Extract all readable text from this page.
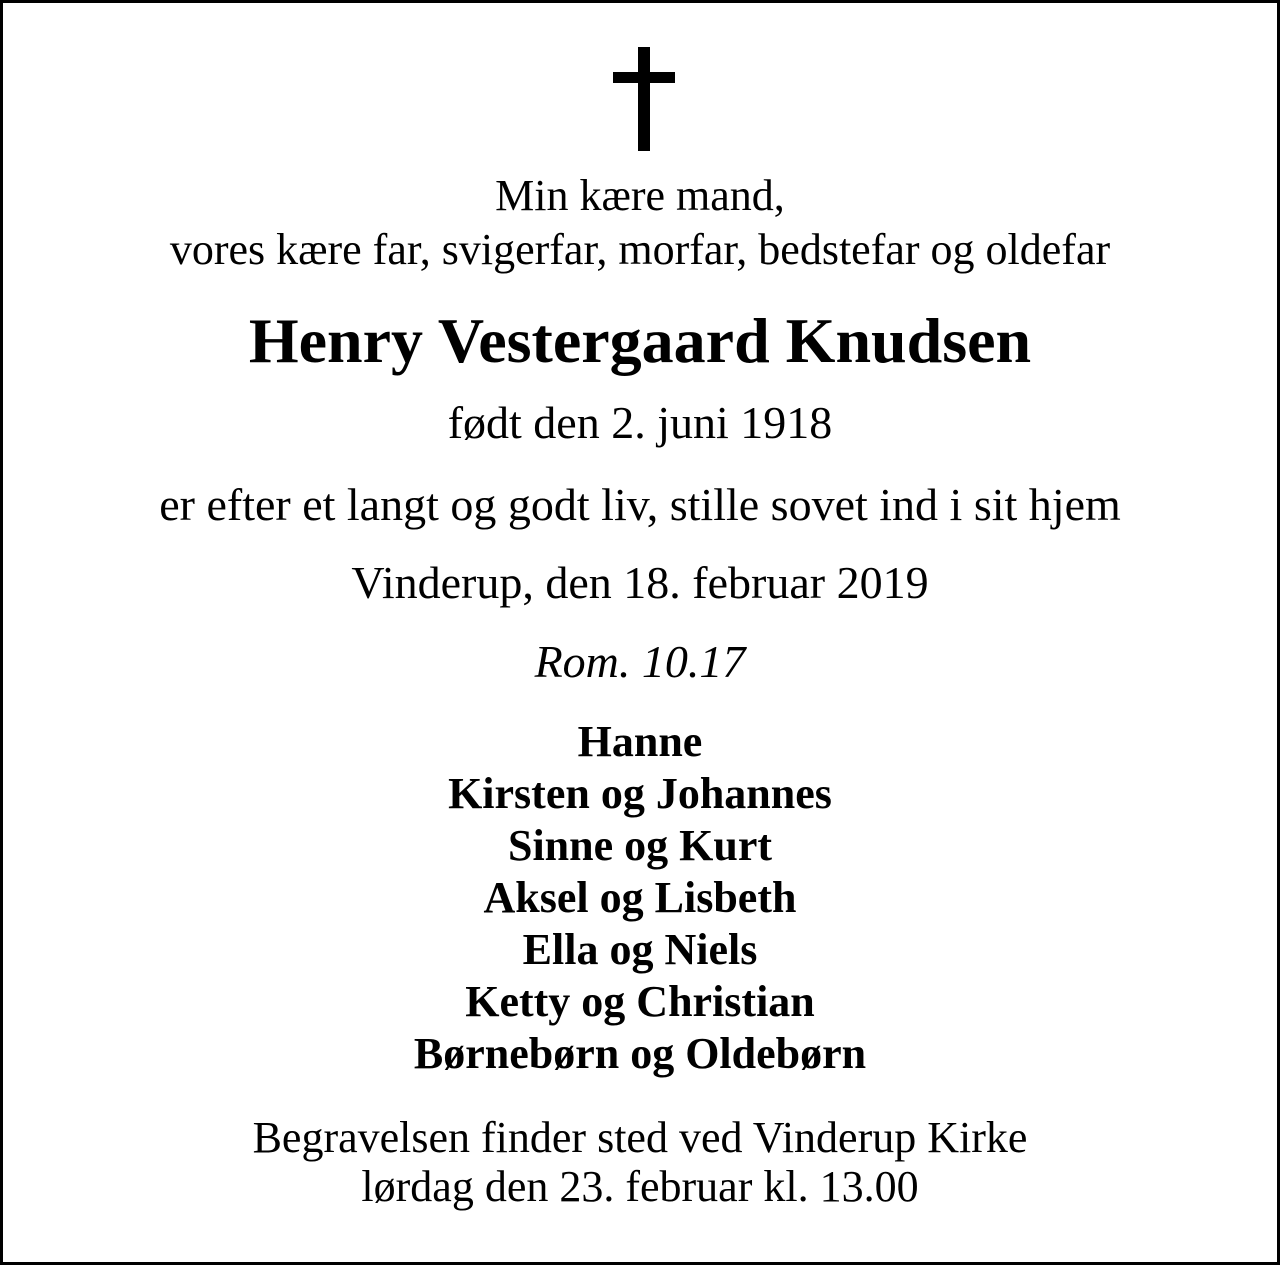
Min kære mand,
vores kære far, svigerfar, morfar, bedstefar og oldefar
Henry Vestergaard Knudsen
født den 2. juni 1918
er efter et langt og godt liv, stille sovet ind i sit hjem
Vinderup, den 18. februar 2019
Rom. 10.17
Hanne
Kirsten og Johannes
Sinne og Kurt
Aksel og Lisbeth
Ella og Niels
Ketty og Christian
Børnebørn og Oldebørn
Begravelsen finder sted ved Vinderup Kirke
lørdag den 23. februar kl. 13.00
